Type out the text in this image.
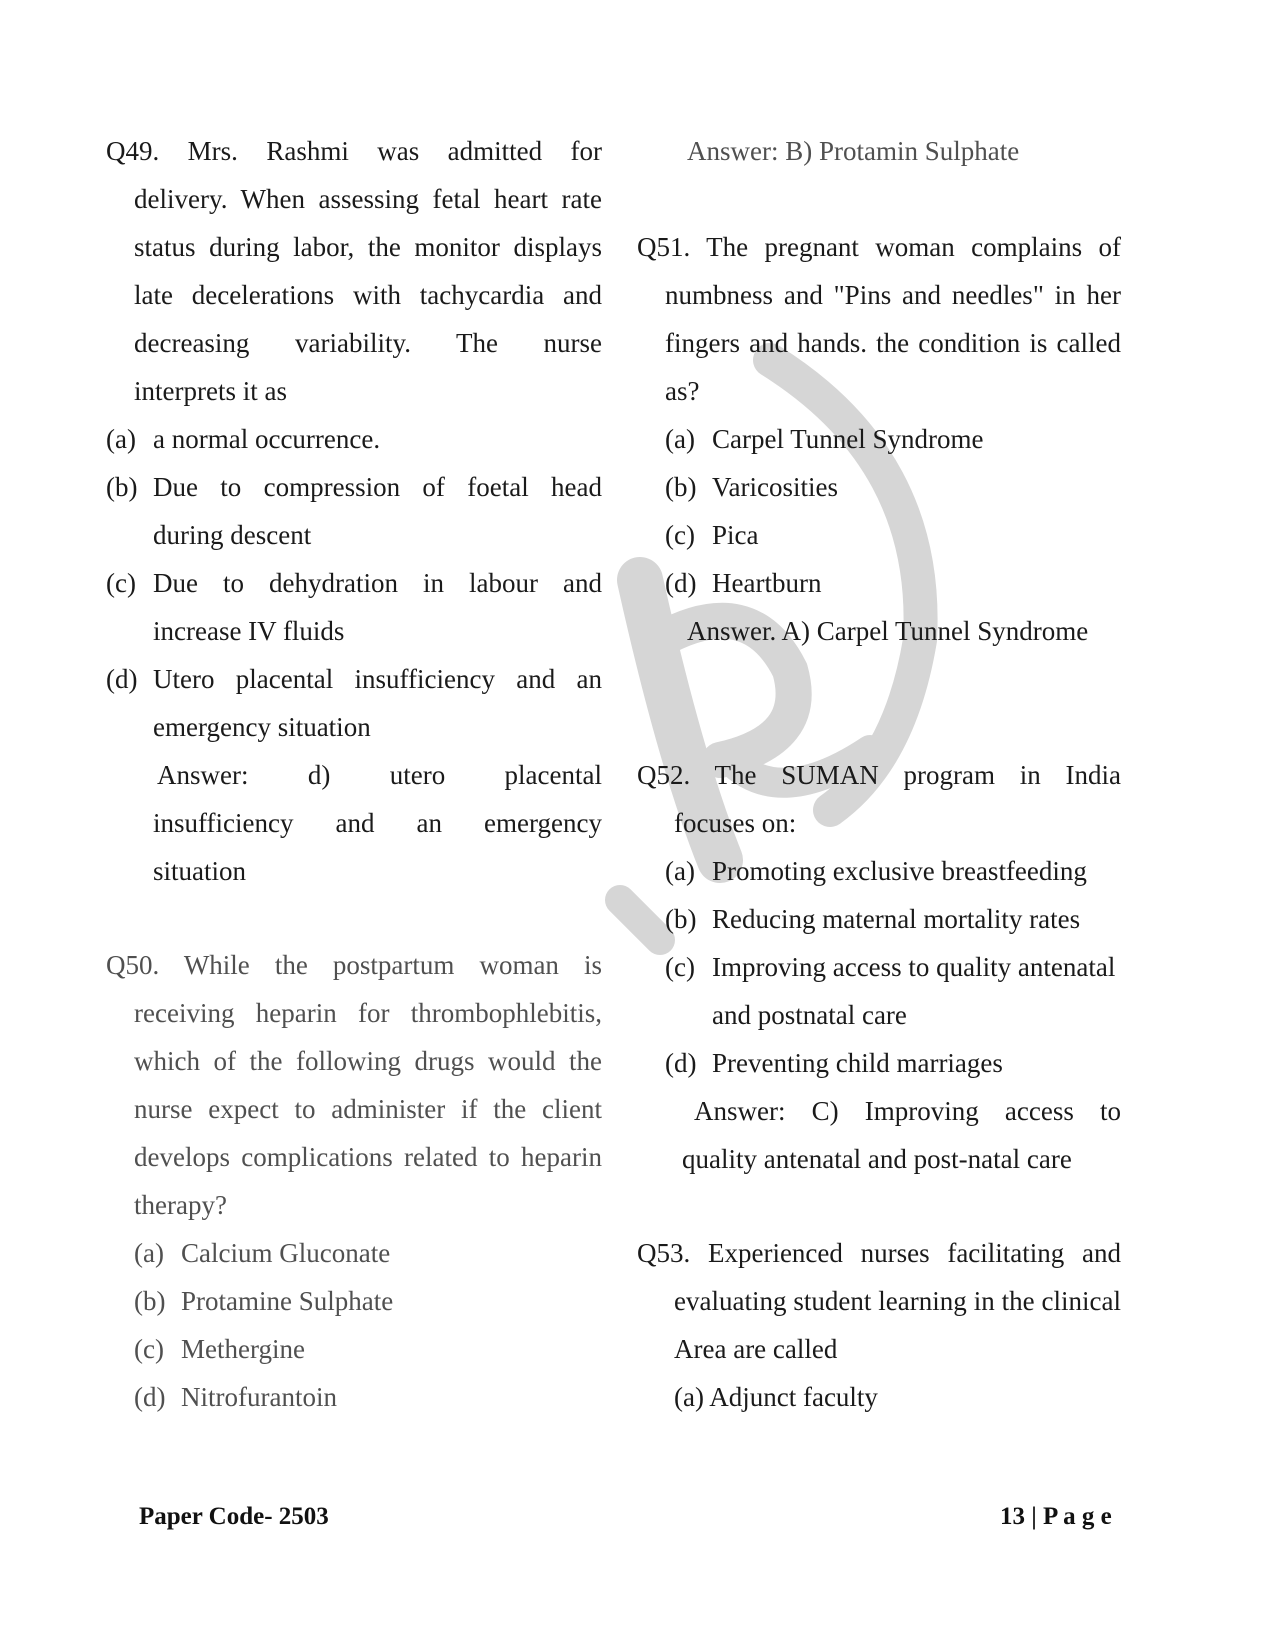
Q49. Mrs. Rashmi was admitted for
delivery. When assessing fetal heart rate
status during labor, the monitor displays
late decelerations with tachycardia and
decreasing variability. The nurse
interprets it as
(a) a normal occurrence.
(b) Due to compression of foetal head
during descent
(c) Due to dehydration in labour and
increase IV fluids
(d) Utero placental insufficiency and an
emergency situation
Answer: d) utero placental
insufficiency and an emergency
situation
Q50. While the postpartum woman is
receiving heparin for thrombophlebitis,
which of the following drugs would the
nurse expect to administer if the client
develops complications related to heparin
therapy?
(a) Calcium Gluconate
(b) Protamine Sulphate
(c) Methergine
(d) Nitrofurantoin
Answer: B) Protamin Sulphate
Q51. The pregnant woman complains of
numbness and "Pins and needles" in her
fingers and hands. the condition is called
as?
(a) Carpel Tunnel Syndrome
(b) Varicosities
(c) Pica
(d) Heartburn
Answer. A) Carpel Tunnel Syndrome
Q52. The SUMAN program in India
focuses on:
(a) Promoting exclusive breastfeeding
(b) Reducing maternal mortality rates
(c) Improving access to quality antenatal
and postnatal care
(d) Preventing child marriages
Answer: C) Improving access to
quality antenatal and post-natal care
Q53. Experienced nurses facilitating and
evaluating student learning in the clinical
Area are called
(a) Adjunct faculty
Paper Code- 2503	13 | P a g e
